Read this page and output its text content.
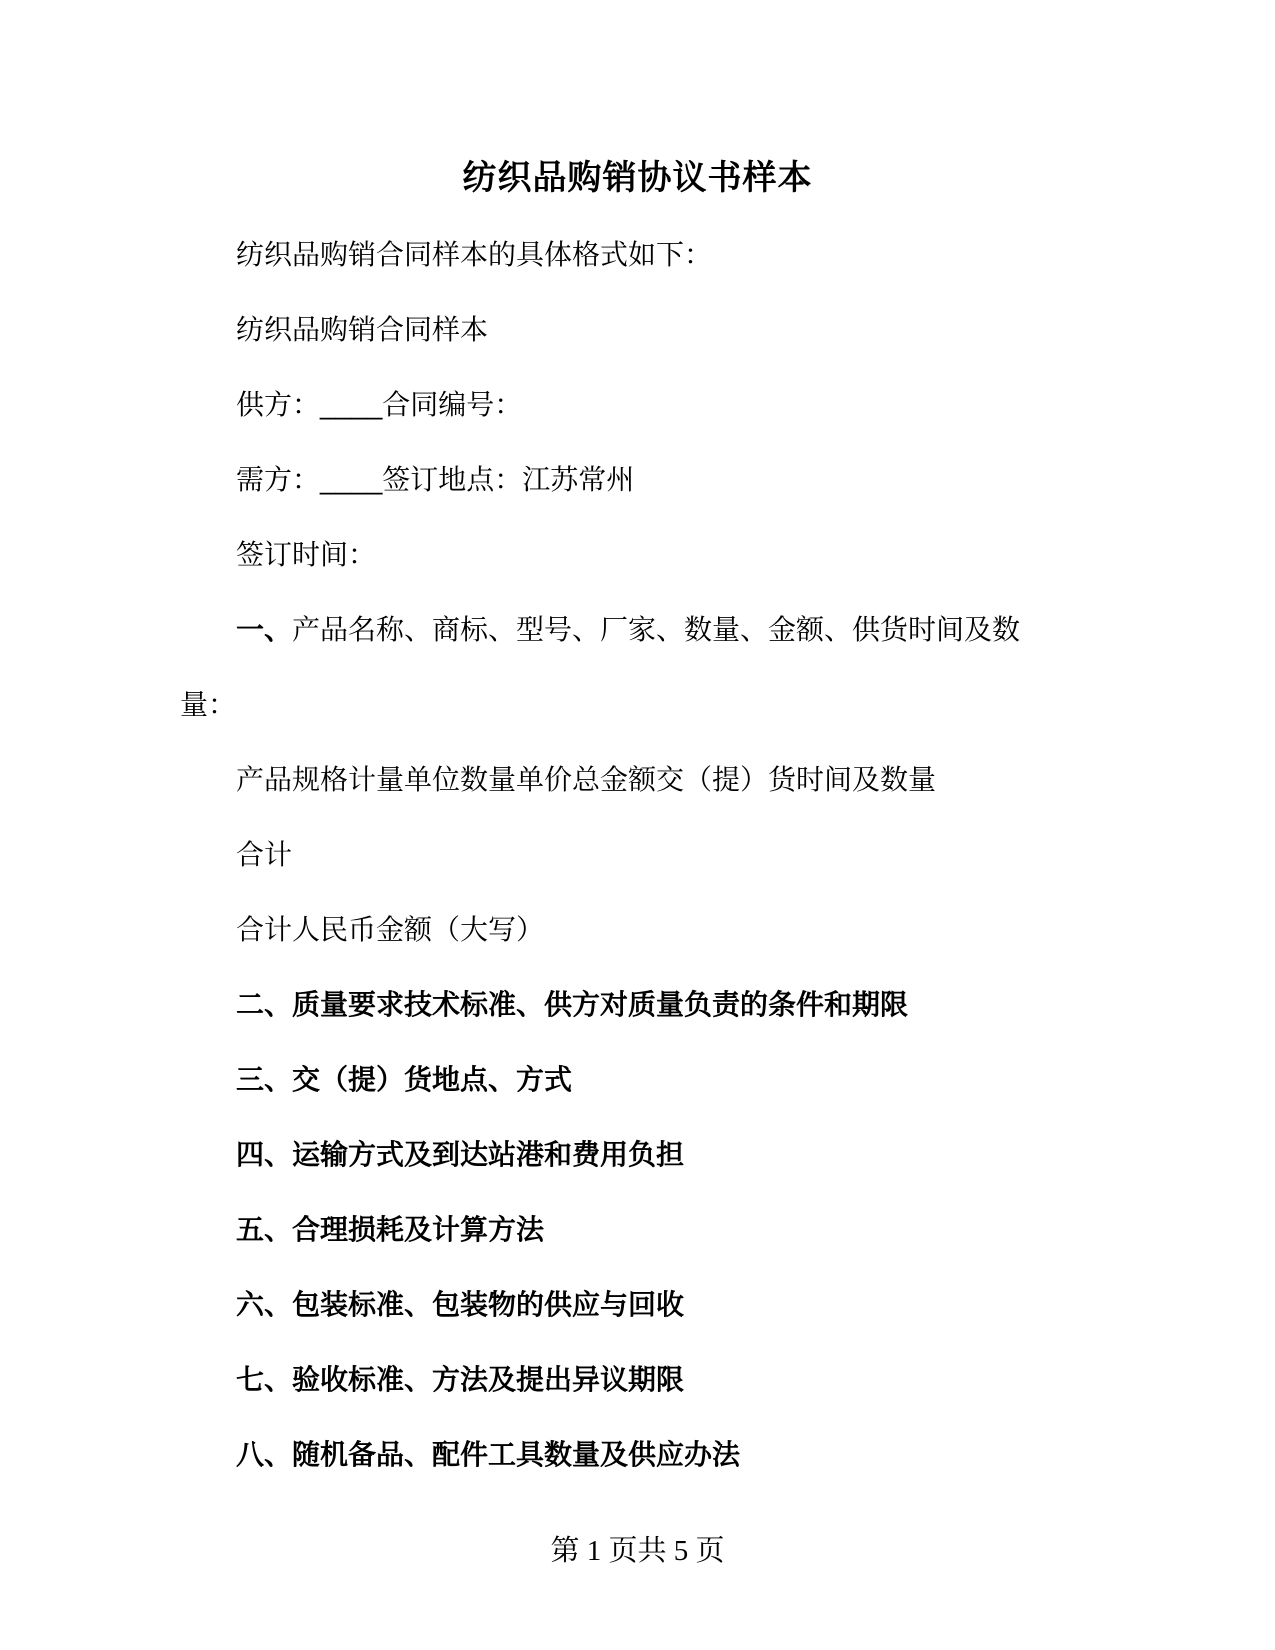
纺织品购销协议书样本

纺织品购销合同样本的具体格式如下：

纺织品购销合同样本

供方：____合同编号：

需方：____签订地点：江苏常州

签订时间：

一、产品名称、商标、型号、厂家、数量、金额、供货时间及数
量：

产品规格计量单位数量单价总金额交（提）货时间及数量

合计

合计人民币金额（大写）

二、质量要求技术标准、供方对质量负责的条件和期限

三、交（提）货地点、方式

四、运输方式及到达站港和费用负担

五、合理损耗及计算方法

六、包装标准、包装物的供应与回收

七、验收标准、方法及提出异议期限

八、随机备品、配件工具数量及供应办法

第 1 页共 5 页
